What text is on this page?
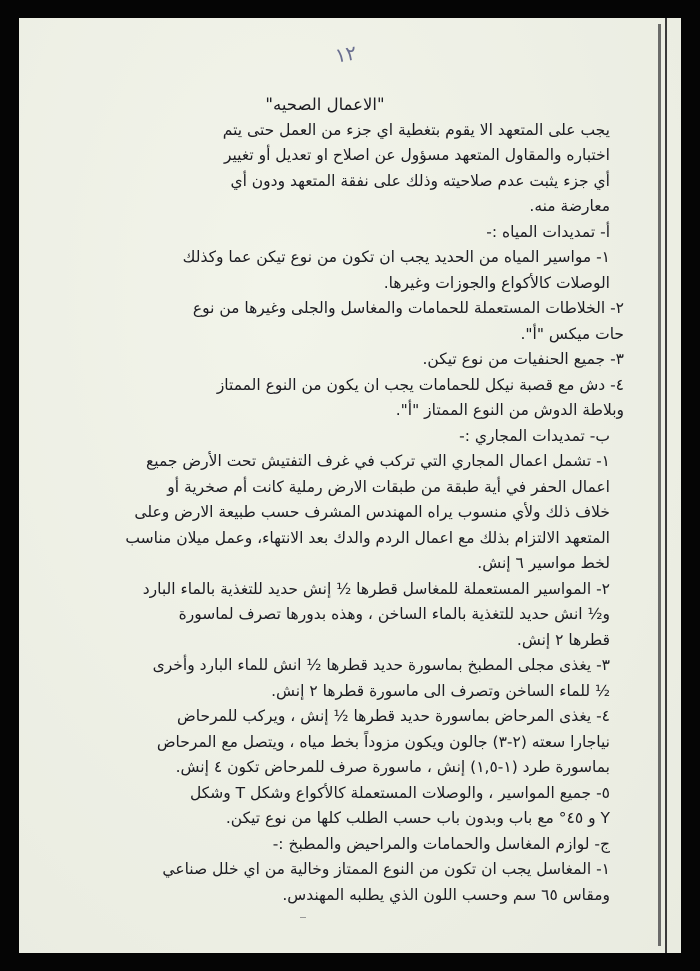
١٢
"الاعمال الصحيه"
يجب على المتعهد الا يقوم بتغطية اي جزء من العمل حتى يتم
اختباره والمقاول المتعهد مسؤول عن اصلاح او تعديل أو تغيير
أي جزء يثبت عدم صلاحيته وذلك على نفقة المتعهد ودون أي
معارضة منه.
أ- تمديدات المياه :-
١- مواسير المياه من الحديد يجب ان تكون من نوع تيكن عما وكذلك
الوصلات كالأكواع والجوزات وغيرها.
٢- الخلاطات المستعملة للحمامات والمغاسل والجلى وغيرها من نوع
حات ميكس "أ".
٣- جميع الحنفيات من نوع تيكن.
٤- دش مع قصبة نيكل للحمامات يجب ان يكون من النوع الممتاز
وبلاطة الدوش من النوع الممتاز "أ".
ب- تمديدات المجاري :-
١- تشمل اعمال المجاري التي تركب في غرف التفتيش تحت الأرض جميع
اعمال الحفر في أية طبقة من طبقات الارض رملية كانت أم صخرية أو
خلاف ذلك ولأي منسوب يراه المهندس المشرف حسب طبيعة الارض وعلى
المتعهد الالتزام بذلك مع اعمال الردم والدك بعد الانتهاء، وعمل ميلان مناسب
لخط مواسير ٦ إنش.
٢- المواسير المستعملة للمغاسل قطرها ½ إنش حديد للتغذية بالماء البارد
و½ انش حديد للتغذية بالماء الساخن ، وهذه بدورها تصرف لماسورة
قطرها ٢ إنش.
٣- يغذى مجلى المطبخ بماسورة حديد قطرها ½ انش للماء البارد وأخرى
½ للماء الساخن وتصرف الى ماسورة قطرها ٢ إنش.
٤- يغذى المرحاض بماسورة حديد قطرها ½ إنش ، ويركب للمرحاض
نياجارا سعته (٢-٣) جالون ويكون مزوداً بخط مياه ، ويتصل مع المرحاض
بماسورة طرد (١-١,٥) إنش ، ماسورة صرف للمرحاض تكون ٤ إنش.
٥- جميع المواسير ، والوصلات المستعملة كالأكواع وشكل T وشكل
Y و ٤٥° مع باب وبدون باب حسب الطلب كلها من نوع تيكن.
ج- لوازم المغاسل والحمامات والمراحيض والمطبخ :-
١- المغاسل يجب ان تكون من النوع الممتاز وخالية من اي خلل صناعي
ومقاس ٦٥ سم وحسب اللون الذي يطلبه المهندس.
